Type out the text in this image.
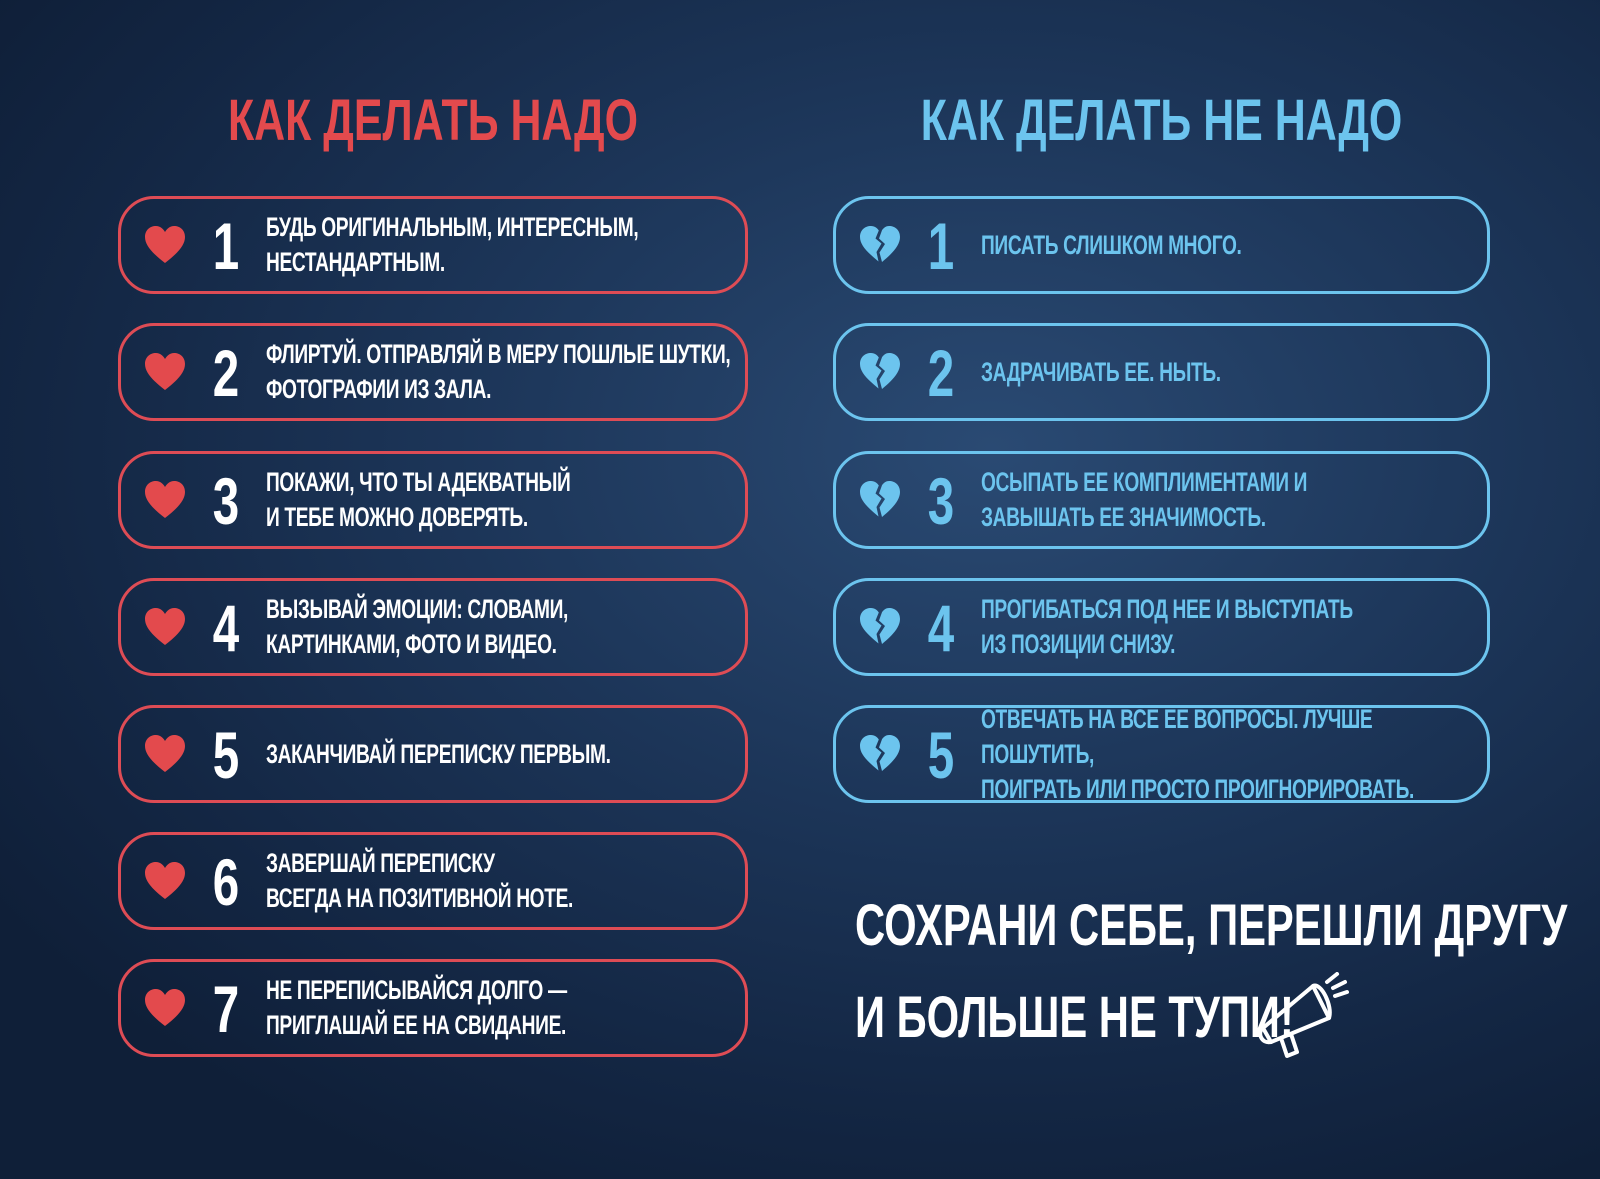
КАК ДЕЛАТЬ НАДО
1 БУДЬ ОРИГИНАЛЬНЫМ, ИНТЕРЕСНЫМ,
НЕСТАНДАРТНЫМ.
2 ФЛИРТУЙ. ОТПРАВЛЯЙ В МЕРУ ПОШЛЫЕ ШУТКИ,
ФОТОГРАФИИ ИЗ ЗАЛА.
3 ПОКАЖИ, ЧТО ТЫ АДЕКВАТНЫЙ
И ТЕБЕ МОЖНО ДОВЕРЯТЬ.
4 ВЫЗЫВАЙ ЭМОЦИИ: СЛОВАМИ,
КАРТИНКАМИ, ФОТО И ВИДЕО.
5 ЗАКАНЧИВАЙ ПЕРЕПИСКУ ПЕРВЫМ.
6 ЗАВЕРШАЙ ПЕРЕПИСКУ
ВСЕГДА НА ПОЗИТИВНОЙ НОТЕ.
7 НЕ ПЕРЕПИСЫВАЙСЯ ДОЛГО —
ПРИГЛАШАЙ ЕЕ НА СВИДАНИЕ.
КАК ДЕЛАТЬ НЕ НАДО
1 ПИСАТЬ СЛИШКОМ МНОГО.
2 ЗАДРАЧИВАТЬ ЕЕ. НЫТЬ.
3 ОСЫПАТЬ ЕЕ КОМПЛИМЕНТАМИ И
ЗАВЫШАТЬ ЕЕ ЗНАЧИМОСТЬ.
4 ПРОГИБАТЬСЯ ПОД НЕЕ И ВЫСТУПАТЬ
ИЗ ПОЗИЦИИ СНИЗУ.
5 ОТВЕЧАТЬ НА ВСЕ ЕЕ ВОПРОСЫ. ЛУЧШЕ ПОШУТИТЬ,
ПОИГРАТЬ ИЛИ ПРОСТО ПРОИГНОРИРОВАТЬ.
СОХРАНИ СЕБЕ, ПЕРЕШЛИ ДРУГУ
И БОЛЬШЕ НЕ ТУПИ!
